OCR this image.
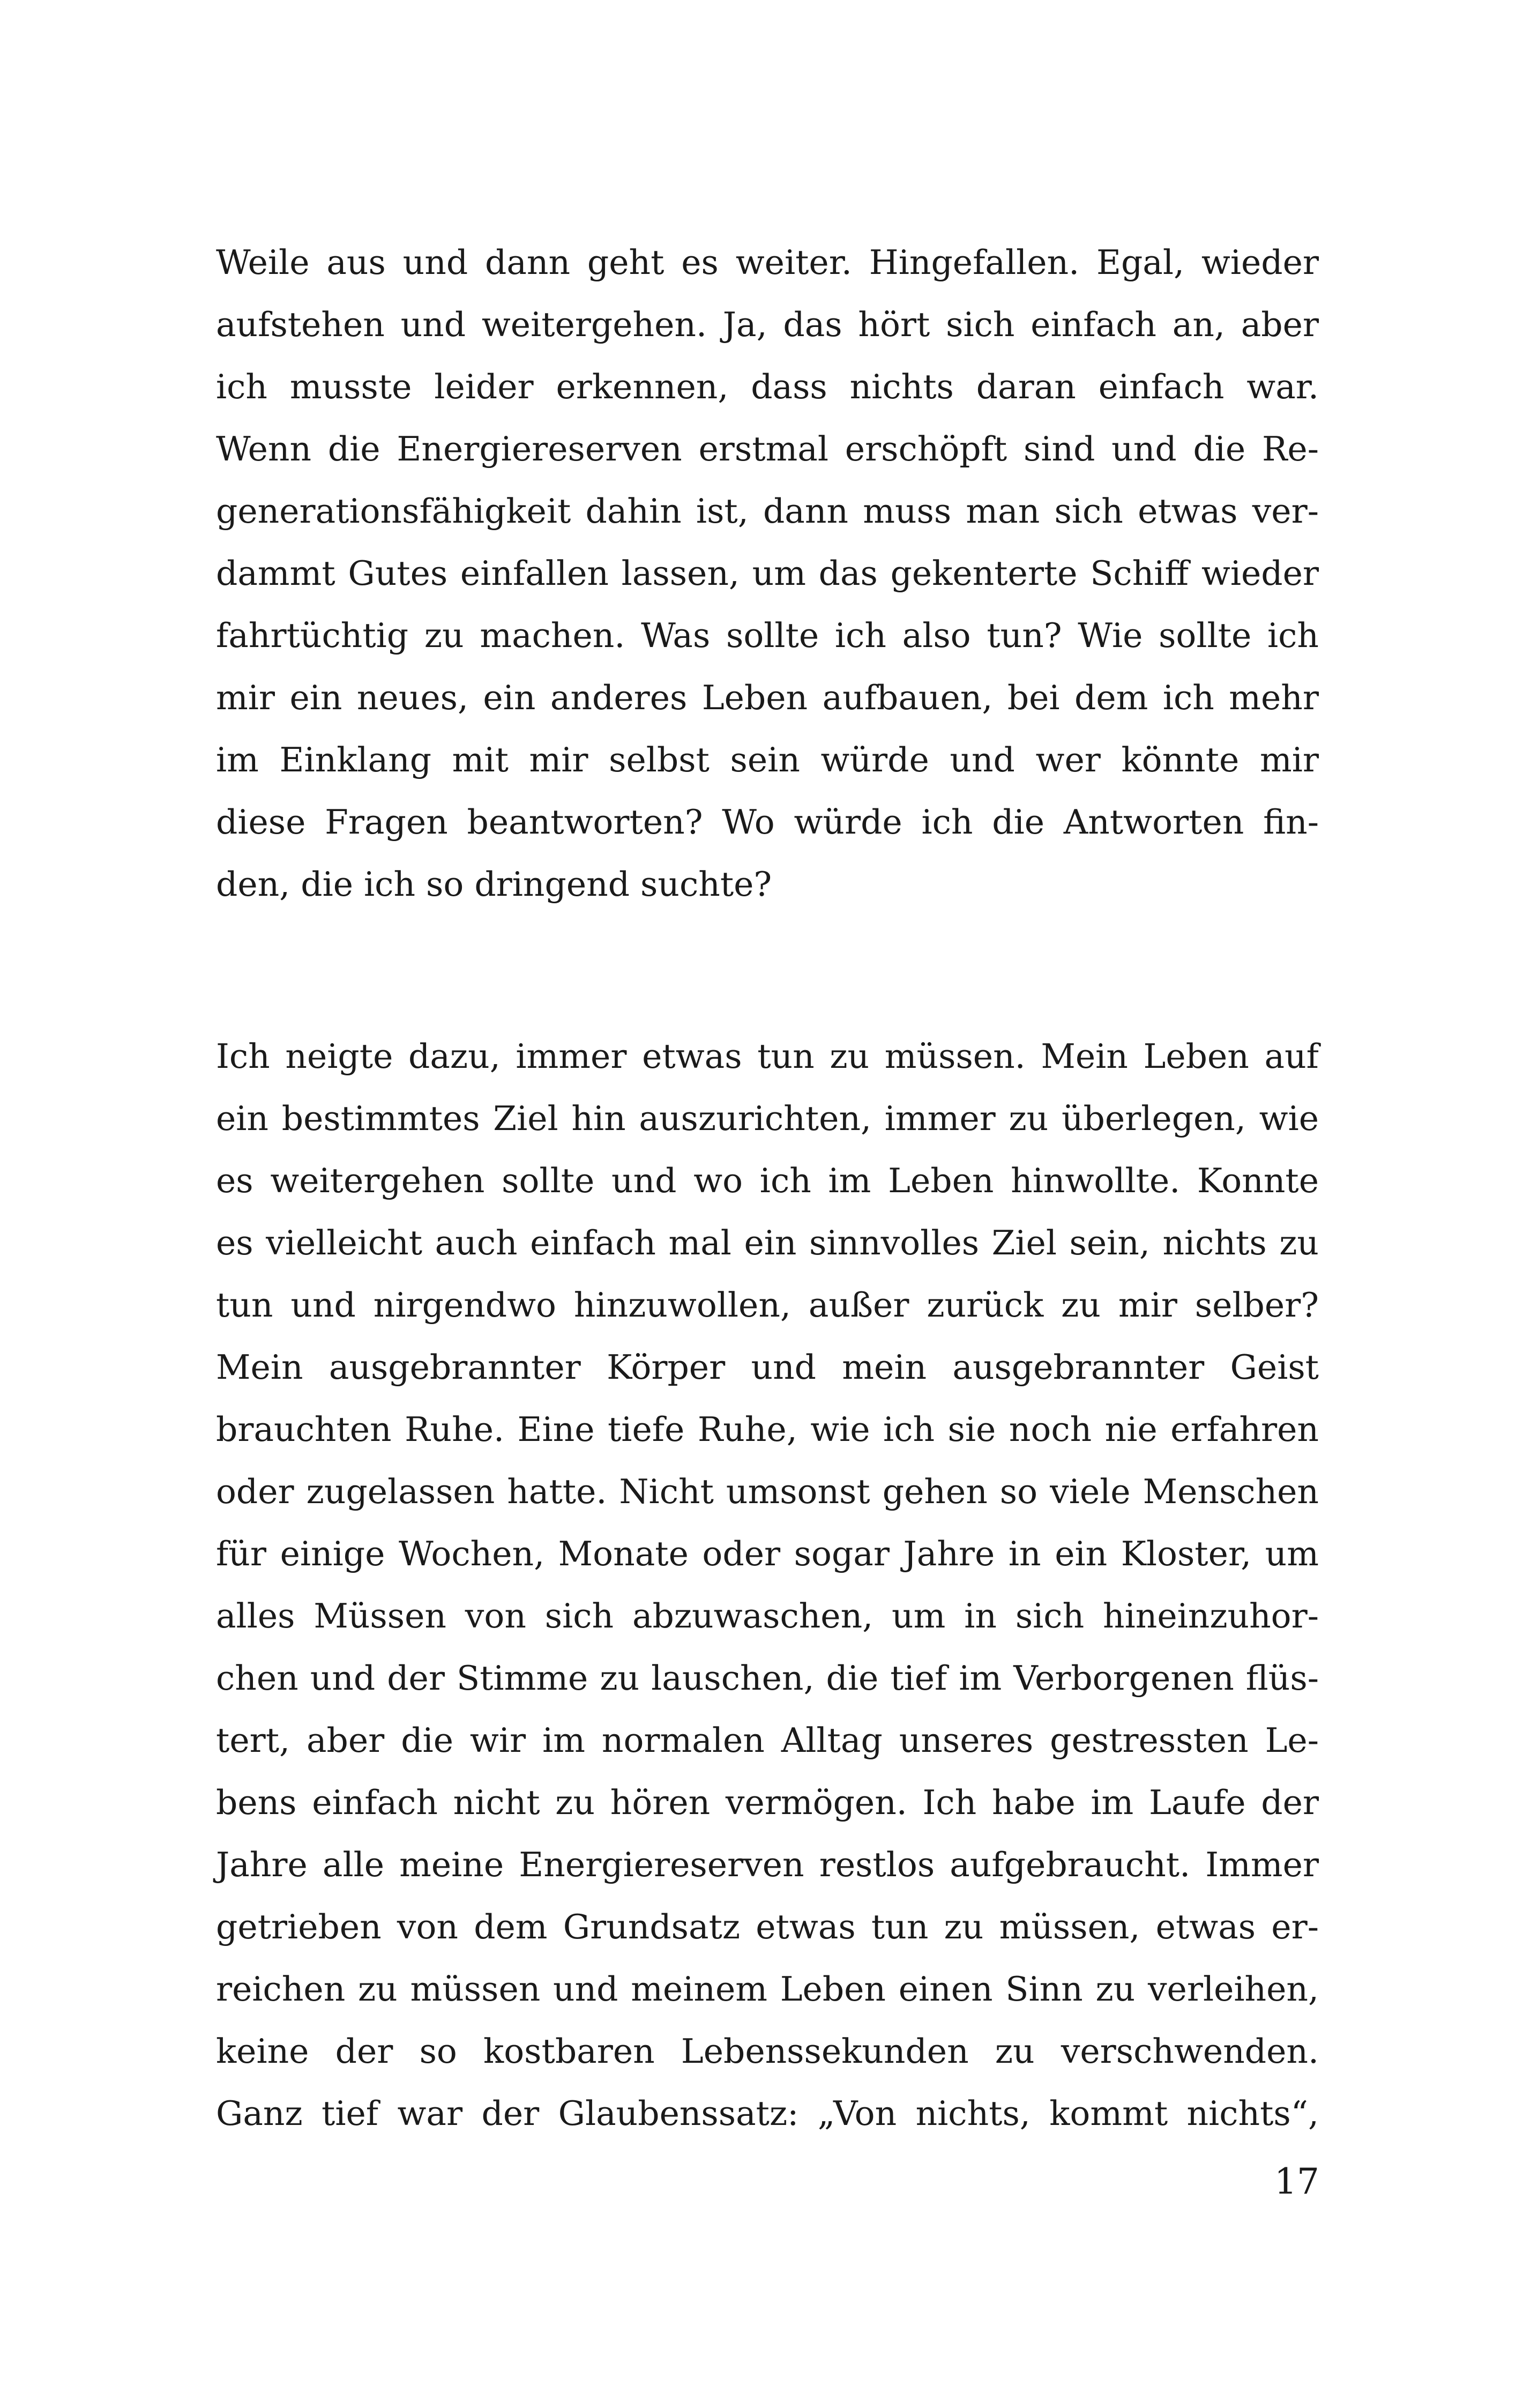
Weile aus und dann geht es weiter. Hingefallen. Egal, wieder
aufstehen und weitergehen. Ja, das hört sich einfach an, aber
ich musste leider erkennen, dass nichts daran einfach war.
Wenn die Energiereserven erstmal erschöpft sind und die Re-
generationsfähigkeit dahin ist, dann muss man sich etwas ver-
dammt Gutes einfallen lassen, um das gekenterte Schiff wieder
fahrtüchtig zu machen. Was sollte ich also tun? Wie sollte ich
mir ein neues, ein anderes Leben aufbauen, bei dem ich mehr
im Einklang mit mir selbst sein würde und wer könnte mir
diese Fragen beantworten? Wo würde ich die Antworten fin-
den, die ich so dringend suchte?
Ich neigte dazu, immer etwas tun zu müssen. Mein Leben auf
ein bestimmtes Ziel hin auszurichten, immer zu überlegen, wie
es weitergehen sollte und wo ich im Leben hinwollte. Konnte
es vielleicht auch einfach mal ein sinnvolles Ziel sein, nichts zu
tun und nirgendwo hinzuwollen, außer zurück zu mir selber?
Mein ausgebrannter Körper und mein ausgebrannter Geist
brauchten Ruhe. Eine tiefe Ruhe, wie ich sie noch nie erfahren
oder zugelassen hatte. Nicht umsonst gehen so viele Menschen
für einige Wochen, Monate oder sogar Jahre in ein Kloster, um
alles Müssen von sich abzuwaschen, um in sich hineinzuhor-
chen und der Stimme zu lauschen, die tief im Verborgenen flüs-
tert, aber die wir im normalen Alltag unseres gestressten Le-
bens einfach nicht zu hören vermögen. Ich habe im Laufe der
Jahre alle meine Energiereserven restlos aufgebraucht. Immer
getrieben von dem Grundsatz etwas tun zu müssen, etwas er-
reichen zu müssen und meinem Leben einen Sinn zu verleihen,
keine der so kostbaren Lebenssekunden zu verschwenden.
Ganz tief war der Glaubenssatz: „Von nichts, kommt nichts“,
17
